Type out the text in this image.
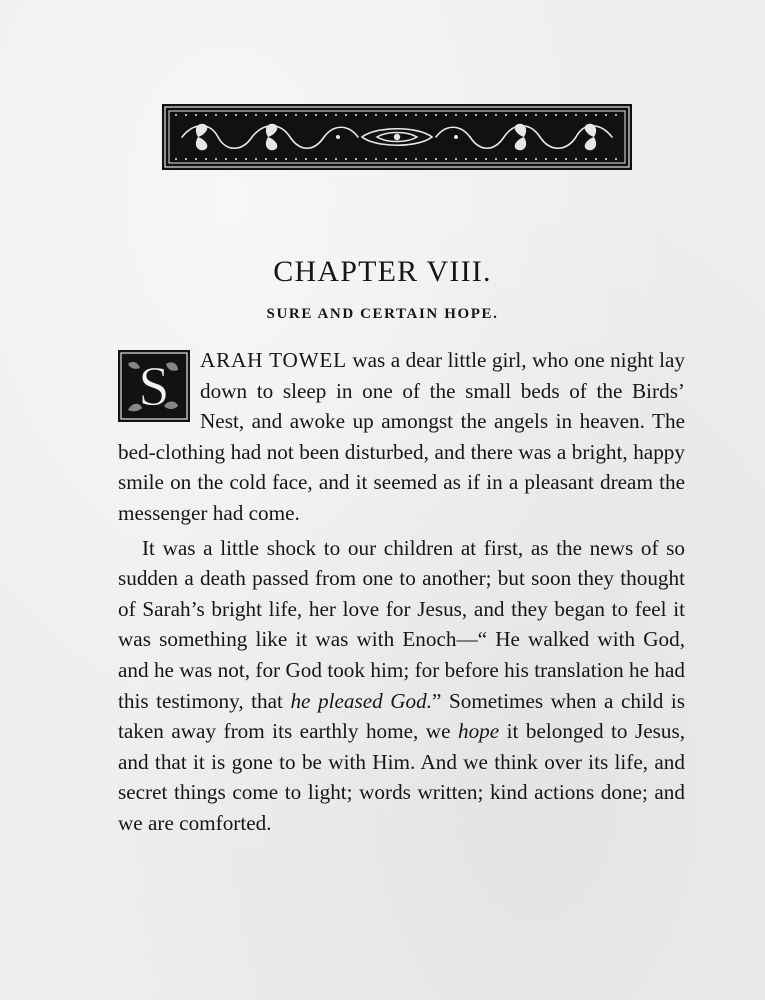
CHAPTER VIII.
SURE AND CERTAIN HOPE.

S ARAH TOWEL was a dear little girl, who one night lay down to sleep in one of the small beds of the Birds’ Nest, and awoke up amongst the angels in heaven. The bed-clothing had not been disturbed, and there was a bright, happy smile on the cold face, and it seemed as if in a pleasant dream the messenger had come.

It was a little shock to our children at first, as the news of so sudden a death passed from one to another; but soon they thought of Sarah’s bright life, her love for Jesus, and they began to feel it was something like it was with Enoch—“ He walked with God, and he was not, for God took him; for before his translation he had this testimony, that he pleased God.” Sometimes when a child is taken away from its earthly home, we hope it belonged to Jesus, and that it is gone to be with Him. And we think over its life, and secret things come to light; words written; kind actions done; and we are comforted.
